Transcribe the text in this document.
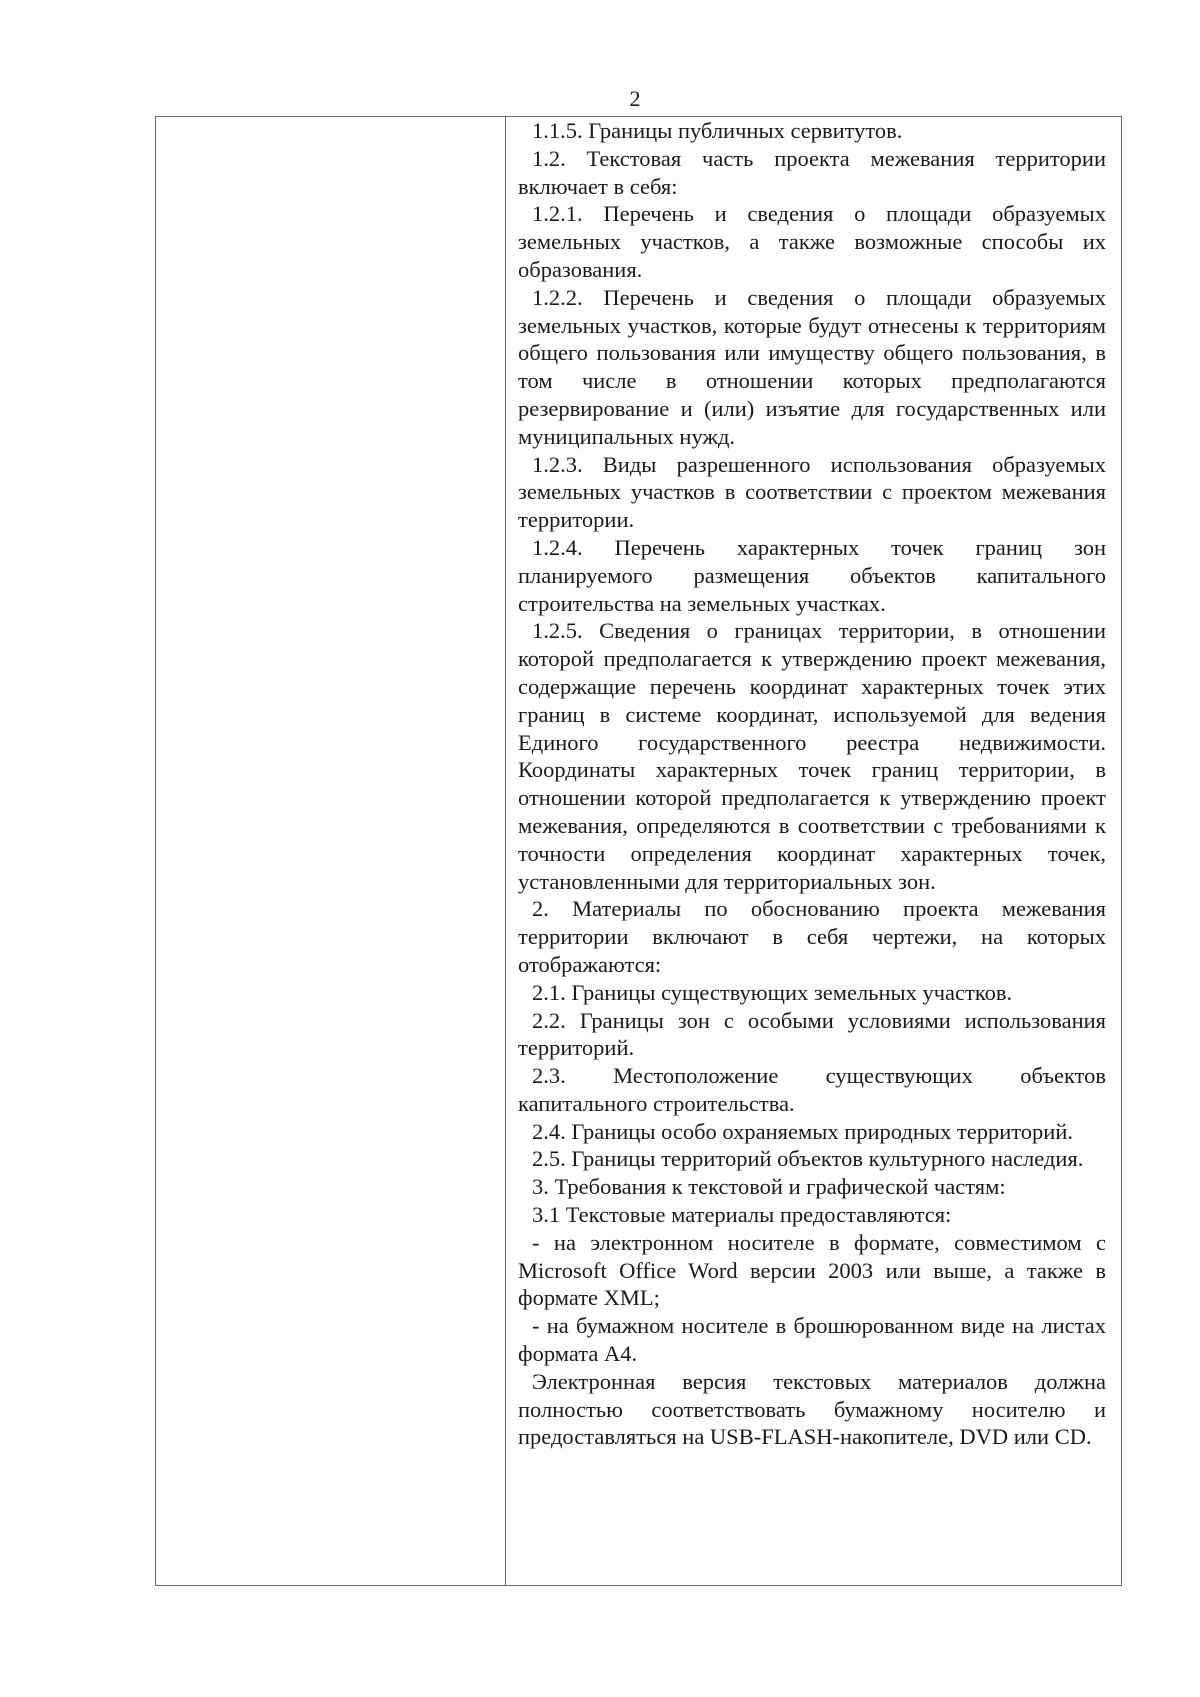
2

1.1.5. Границы публичных сервитутов.

1.2. Текстовая часть проекта межевания территории включает в себя:

1.2.1. Перечень и сведения о площади образуемых земельных участков, а также возможные способы их образования.

1.2.2. Перечень и сведения о площади образуемых земельных участков, которые будут отнесены к территориям общего пользования или имуществу общего пользования, в том числе в отношении которых предполагаются резервирование и (или) изъятие для государственных или муниципальных нужд.

1.2.3. Виды разрешенного использования образуемых земельных участков в соответствии с проектом межевания территории.

1.2.4. Перечень характерных точек границ зон планируемого размещения объектов капитального строительства на земельных участках.

1.2.5. Сведения о границах территории, в отношении которой предполагается к утверждению проект межевания, содержащие перечень координат характерных точек этих границ в системе координат, используемой для ведения Единого государственного реестра недвижимости. Координаты характерных точек границ территории, в отношении которой предполагается к утверждению проект межевания, определяются в соответствии с требованиями к точности определения координат характерных точек, установленными для территориальных зон.

2. Материалы по обоснованию проекта межевания территории включают в себя чертежи, на которых отображаются:

2.1. Границы существующих земельных участков.

2.2. Границы зон с особыми условиями использования территорий.

2.3. Местоположение существующих объектов капитального строительства.

2.4. Границы особо охраняемых природных территорий.

2.5. Границы территорий объектов культурного наследия.

3. Требования к текстовой и графической частям:

3.1 Текстовые материалы предоставляются:

- на электронном носителе в формате, совместимом с Microsoft Office Word версии 2003 или выше, а также в формате XML;

- на бумажном носителе в брошюрованном виде на листах формата А4.

Электронная версия текстовых материалов должна полностью соответствовать бумажному носителю и предоставляться на USB-FLASH-накопителе, DVD или CD.
